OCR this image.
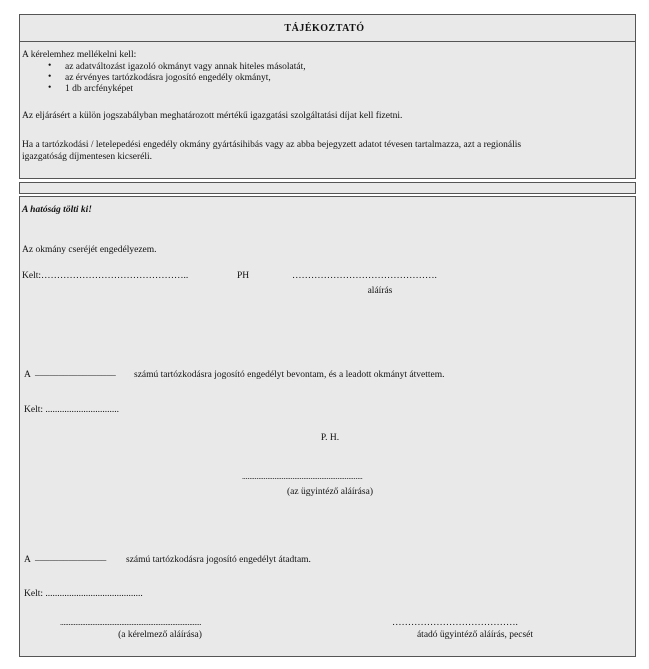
TÁJÉKOZTATÓ
A kérelemhez mellékelni kell:
• az adatváltozást igazoló okmányt vagy annak hiteles másolatát,
• az érvényes tartózkodásra jogosító engedély okmányt,
• 1 db arcfényképet
Az eljárásért a külön jogszabályban meghatározott mértékű igazgatási szolgáltatási díjat kell fizetni.
Ha a tartózkodási / letelepedési engedély okmány gyártásihibás vagy az abba bejegyzett adatot tévesen tartalmazza, azt a regionális
igazgatóság díjmentesen kicseréli.
A hatóság tölti ki!
Az okmány cseréjét engedélyezem.
Kelt:………………………………………..	PH	……………………………………….
aláírás
A _________________ számú tartózkodásra jogosító engedélyt bevontam, és a leadott okmányt átvettem.
Kelt: ...............................
P. H.
...................................................................
(az ügyintéző aláírása)
A _______________ számú tartózkodásra jogosító engedélyt átadtam.
Kelt: .........................................
...................................................................................
(a kérelmező aláírása)
………………………………….
átadó ügyintéző aláírás, pecsét
